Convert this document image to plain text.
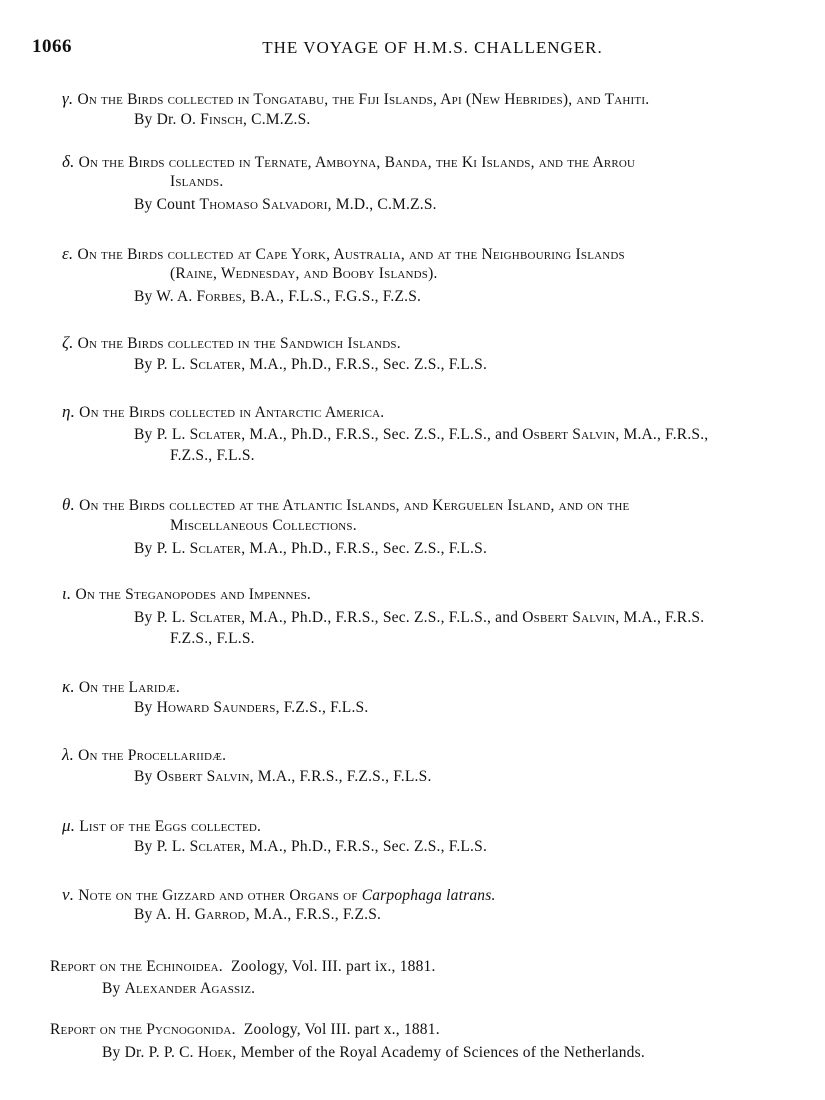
1066	THE VOYAGE OF H.M.S. CHALLENGER.
γ. On the Birds collected in Tongatabu, the Fiji Islands, Api (New Hebrides), and Tahiti.
By Dr. O. Finsch, C.M.Z.S.
δ. On the Birds collected in Ternate, Amboyna, Banda, the Ki Islands, and the Arrou
Islands.
By Count Thomaso Salvadori, M.D., C.M.Z.S.
ε. On the Birds collected at Cape York, Australia, and at the Neighbouring Islands
(Raine, Wednesday, and Booby Islands).
By W. A. Forbes, B.A., F.L.S., F.G.S., F.Z.S.
ζ. On the Birds collected in the Sandwich Islands.
By P. L. Sclater, M.A., Ph.D., F.R.S., Sec. Z.S., F.L.S.
η. On the Birds collected in Antarctic America.
By P. L. Sclater, M.A., Ph.D., F.R.S., Sec. Z.S., F.L.S., and Osbert Salvin, M.A., F.R.S.,
F.Z.S., F.L.S.
θ. On the Birds collected at the Atlantic Islands, and Kerguelen Island, and on the
Miscellaneous Collections.
By P. L. Sclater, M.A., Ph.D., F.R.S., Sec. Z.S., F.L.S.
ι. On the Steganopodes and Impennes.
By P. L. Sclater, M.A., Ph.D., F.R.S., Sec. Z.S., F.L.S., and Osbert Salvin, M.A., F.R.S.
F.Z.S., F.L.S.
κ. On the Laridæ.
By Howard Saunders, F.Z.S., F.L.S.
λ. On the Procellariidæ.
By Osbert Salvin, M.A., F.R.S., F.Z.S., F.L.S.
μ. List of the Eggs collected.
By P. L. Sclater, M.A., Ph.D., F.R.S., Sec. Z.S., F.L.S.
ν. Note on the Gizzard and other Organs of Carpophaga latrans.
By A. H. Garrod, M.A., F.R.S., F.Z.S.
Report on the Echinoidea.  Zoology, Vol. III. part ix., 1881.
By Alexander Agassiz.
Report on the Pycnogonida.  Zoology, Vol III. part x., 1881.
By Dr. P. P. C. Hoek, Member of the Royal Academy of Sciences of the Netherlands.
